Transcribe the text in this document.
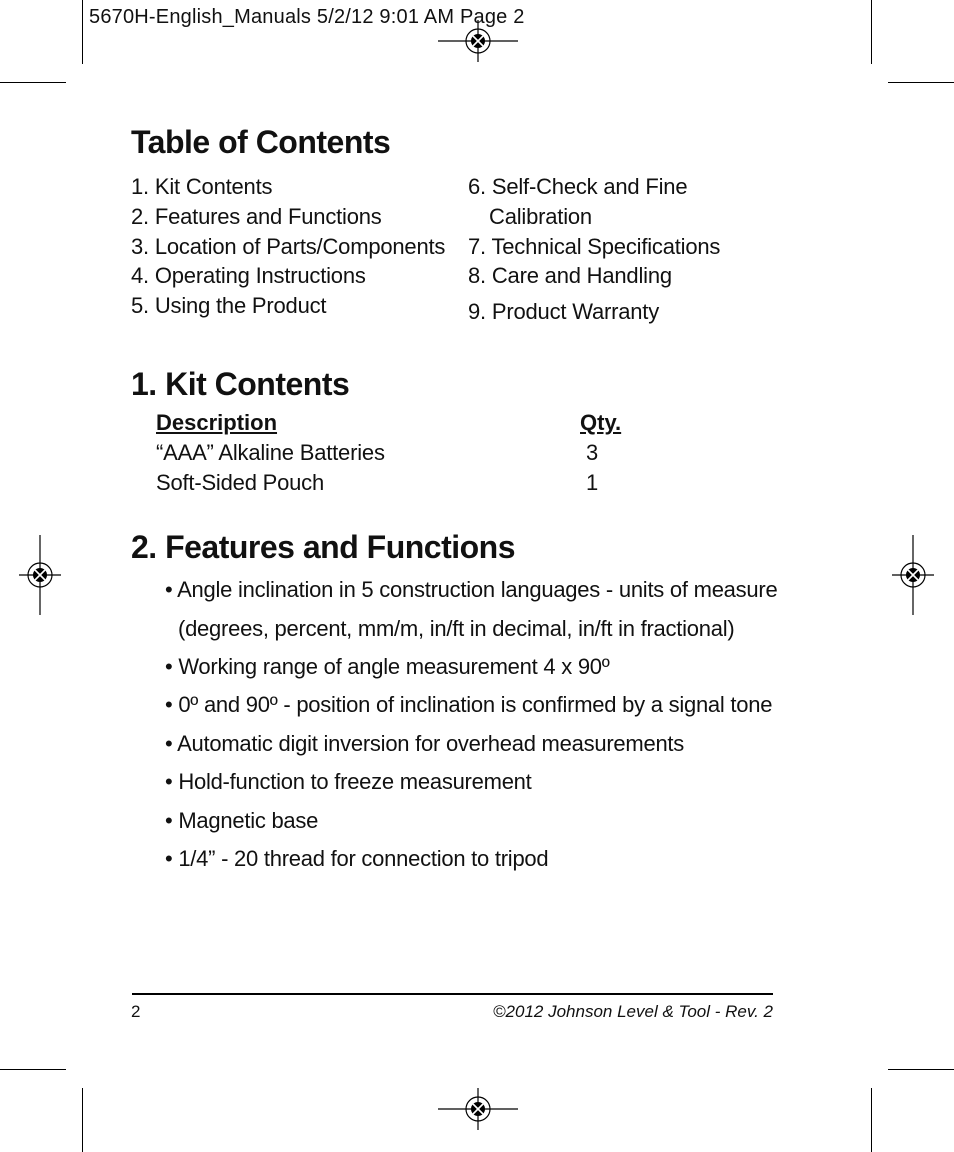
5670H-English_Manuals 5/2/12 9:01 AM Page 2
Table of Contents
1. Kit Contents
2. Features and Functions
3. Location of Parts/Components
4. Operating Instructions
5. Using the Product
6. Self-Check and Fine
Calibration
7. Technical Specifications
8. Care and Handling
9. Product Warranty
1. Kit Contents
Description	Qty.
“AAA” Alkaline Batteries	3
Soft-Sided Pouch	1
2. Features and Functions
• Angle inclination in 5 construction languages - units of measure
(degrees, percent, mm/m, in/ft in decimal, in/ft in fractional)
• Working range of angle measurement 4 x 90º
• 0º and 90º - position of inclination is confirmed by a signal tone
• Automatic digit inversion for overhead measurements
• Hold-function to freeze measurement
• Magnetic base
• 1/4” - 20 thread for connection to tripod
2	©2012 Johnson Level & Tool - Rev. 2
